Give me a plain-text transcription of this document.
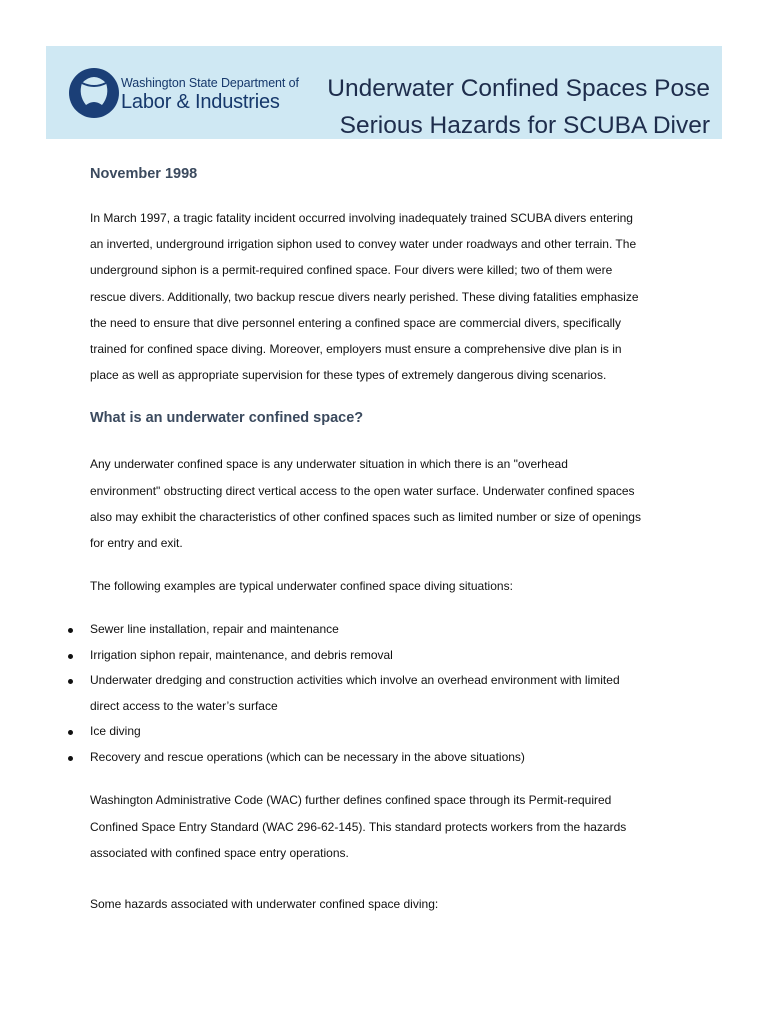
Washington State Department of
Labor & Industries	Underwater Confined Spaces Pose
Serious Hazards for SCUBA Diver
November 1998
In March 1997, a tragic fatality incident occurred involving inadequately trained SCUBA divers entering
an inverted, underground irrigation siphon used to convey water under roadways and other terrain. The
underground siphon is a permit-required confined space. Four divers were killed; two of them were
rescue divers. Additionally, two backup rescue divers nearly perished. These diving fatalities emphasize
the need to ensure that dive personnel entering a confined space are commercial divers, specifically
trained for confined space diving. Moreover, employers must ensure a comprehensive dive plan is in
place as well as appropriate supervision for these types of extremely dangerous diving scenarios.
What is an underwater confined space?
Any underwater confined space is any underwater situation in which there is an "overhead
environment" obstructing direct vertical access to the open water surface. Underwater confined spaces
also may exhibit the characteristics of other confined spaces such as limited number or size of openings
for entry and exit.
The following examples are typical underwater confined space diving situations:
Sewer line installation, repair and maintenance
Irrigation siphon repair, maintenance, and debris removal
Underwater dredging and construction activities which involve an overhead environment with limited
direct access to the water’s surface
Ice diving
Recovery and rescue operations (which can be necessary in the above situations)
Washington Administrative Code (WAC) further defines confined space through its Permit-required
Confined Space Entry Standard (WAC 296-62-145). This standard protects workers from the hazards
associated with confined space entry operations.
Some hazards associated with underwater confined space diving:
